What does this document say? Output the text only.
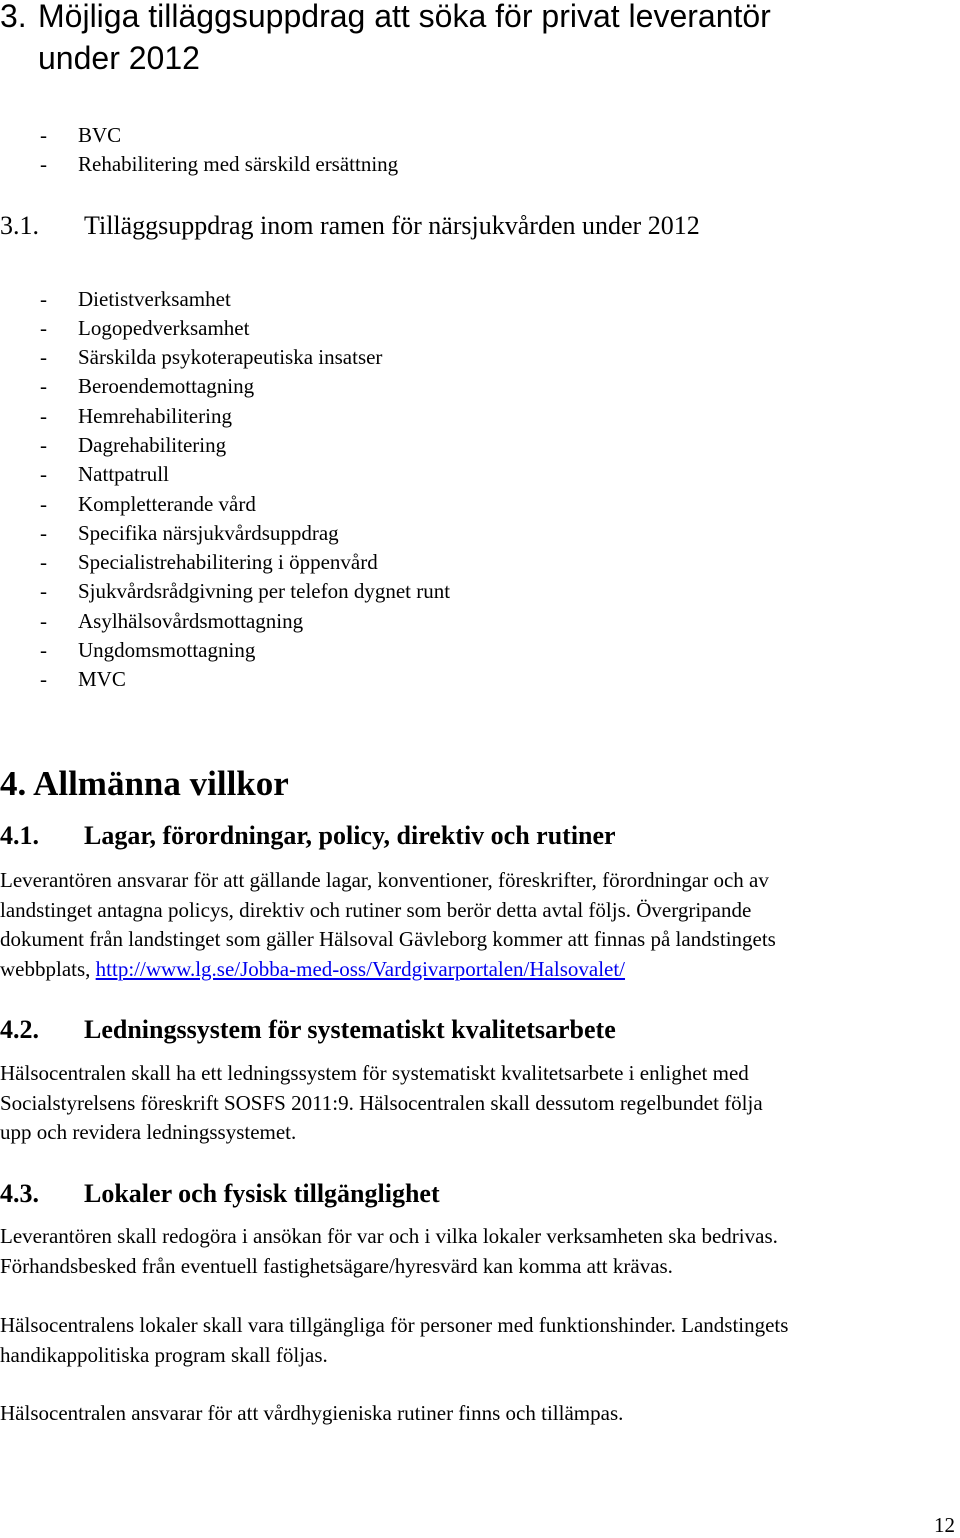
3. Möjliga tilläggsuppdrag att söka för privat leverantör
under 2012
- BVC
- Rehabilitering med särskild ersättning
3.1. Tilläggsuppdrag inom ramen för närsjukvården under 2012
- Dietistverksamhet
- Logopedverksamhet
- Särskilda psykoterapeutiska insatser
- Beroendemottagning
- Hemrehabilitering
- Dagrehabilitering
- Nattpatrull
- Kompletterande vård
- Specifika närsjukvårdsuppdrag
- Specialistrehabilitering i öppenvård
- Sjukvårdsrådgivning per telefon dygnet runt
- Asylhälsovårdsmottagning
- Ungdomsmottagning
- MVC
4. Allmänna villkor
4.1. Lagar, förordningar, policy, direktiv och rutiner

Leverantören ansvarar för att gällande lagar, konventioner, föreskrifter, förordningar och av

landstinget antagna policys, direktiv och rutiner som berör detta avtal följs. Övergripande

dokument från landstinget som gäller Hälsoval Gävleborg kommer att finnas på landstingets

webbplats, http://www.lg.se/Jobba-med-oss/Vardgivarportalen/Halsovalet/

4.2. Ledningssystem för systematiskt kvalitetsarbete

Hälsocentralen skall ha ett ledningssystem för systematiskt kvalitetsarbete i enlighet med

Socialstyrelsens föreskrift SOSFS 2011:9. Hälsocentralen skall dessutom regelbundet följa

upp och revidera ledningssystemet.

4.3. Lokaler och fysisk tillgänglighet

Leverantören skall redogöra i ansökan för var och i vilka lokaler verksamheten ska bedrivas.

Förhandsbesked från eventuell fastighetsägare/hyresvärd kan komma att krävas.

Hälsocentralens lokaler skall vara tillgängliga för personer med funktionshinder. Landstingets

handikappolitiska program skall följas.

Hälsocentralen ansvarar för att vårdhygieniska rutiner finns och tillämpas.

12
